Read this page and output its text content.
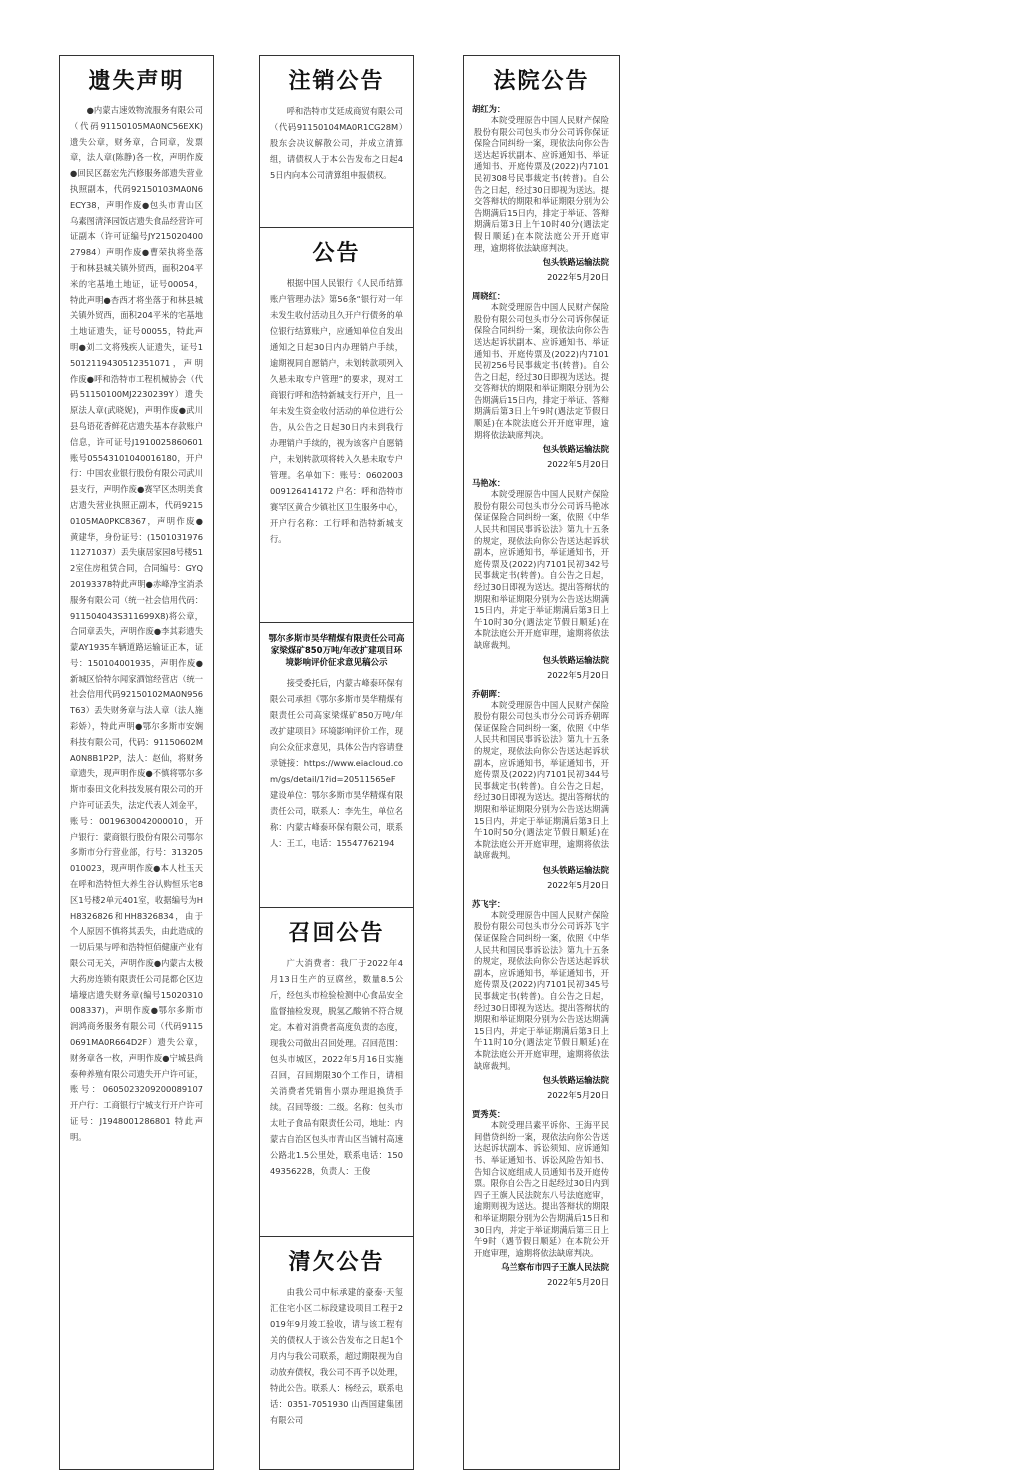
遗失声明
●内蒙古速效物流服务有限公司（代码91150105MA0NC56EXK)遗失公章，财务章，合同章，发票章，法人章(陈静)各一枚，声明作废●回民区磊宏先汽修服务部遗失营业执照副本，代码92150103MA0N6ECY38，声明作废●包头市青山区乌素图清泽园饭店遗失食品经营许可证副本（许可证编号JY21502040027984）声明作废●曹荣执将坐落于和林县城关镇外贸西，面积204平米的宅基地土地证，证号00054，特此声明●杏西才将坐落于和林县城关镇外贸西，面积204平米的宅基地土地证遗失，证号00055，特此声明●刘二文将残疾人证遗失，证号15012119430512351071，声明作废●呼和浩特市工程机械协会（代码51150100MJ2230239Y）遗失原法人章(武晓妮)，声明作废●武川县鸟语花香鲜花店遗失基本存款账户信息，许可证号J1910025860601 账号05543101040016180，开户行：中国农业银行股份有限公司武川县支行，声明作废●赛罕区杰明美食店遗失营业执照正副本，代码92150105MA0PKC8367，声明作废●黄建华，身份证号：(150103197611271037）丢失康居家园8号楼512室住房租赁合同，合同编号：GYQ20193378特此声明●赤峰净宝消杀服务有限公司（统一社会信用代码：911504043S311699X8)将公章，合同章丢失，声明作废●李其彩遗失蒙AY1935车辆道路运输证正本，证号：150104001935，声明作废●新城区恰特尔闻家酒馆经营店（统一社会信用代码92150102MA0N956T63）丢失财务章与法人章（法人施彩娇），特此声明●鄂尔多斯市安娴科技有限公司，代码：91150602MA0N8B1P2P，法人：赵仙，将财务章遗失，现声明作废●不慎将鄂尔多斯市泰田文化科技发展有限公司的开户许可证丢失，法定代表人刘金平，账号：0019630042000010，开户银行：蒙商银行股份有限公司鄂尔多斯市分行营业部，行号：313205010023，现声明作废●本人杜玉天在呼和浩特恒大养生谷认购恒乐宅8区1号楼2单元401室，收据编号为HH8326826和HH8326834，由于个人原因不慎将其丢失，由此造成的一切后果与呼和浩特恒佰健康产业有限公司无关，声明作废●内蒙古太极大药房连锁有限责任公司昆都仑区边墙壕店遗失财务章(编号15020310008337)，声明作废●鄂尔多斯市润鸿商务服务有限公司（代码91150691MA0R664D2F）遗失公章，财务章各一枚，声明作废●宁城县尚泰种养殖有限公司遗失开户许可证，账号：0605023209200089107 开户行：工商银行宁城支行开户许可证号：J1948001286801 特此声明。
注销公告
呼和浩特市艾廷成商贸有限公司（代码91150104MA0R1CG28M）股东会决议解散公司，并成立清算组，请债权人于本公告发布之日起45日内向本公司清算组申报债权。
公告
根据中国人民银行《人民币结算账户管理办法》第56条“银行对一年未发生收付活动且久开户行债务的单位银行结算账户，应通知单位自发出通知之日起30日内办理销户手续，逾期视同自愿销户，未划转款项列入久悬未取专户管理”的要求，现对工商银行呼和浩特新城支行开户，且一年未发生资金收付活动的单位进行公告，从公告之日起30日内未到我行办理销户手续的，视为该客户自愿销户，未划转款项将转入久悬未取专户管理。名单如下：账号：0602003009126414172 户名：呼和浩特市赛罕区黄合少镇社区卫生服务中心，开户行名称：工行呼和浩特新城支行。
鄂尔多斯市昊华精煤有限责任公司高家梁煤矿850万吨/年改扩建项目环境影响评价征求意见稿公示
接受委托后，内蒙古峰泰环保有限公司承担《鄂尔多斯市昊华精煤有限责任公司高家梁煤矿850万吨/年改扩建项目》环境影响评价工作，现向公众征求意见，具体公告内容请登录链接：https://www.eiacloud.com/gs/detail/1?id=20511565eF建设单位：鄂尔多斯市昊华精煤有限责任公司，联系人：李先生，单位名称：内蒙古峰泰环保有限公司，联系人：王工，电话：15547762194
召回公告
广大消费者：我厂于2022年4月13日生产的豆腐丝，数量8.5公斤，经包头市检验检测中心食品安全监督抽检发现，脱氢乙酸钠不符合规定。本着对消费者高度负责的态度，现我公司做出召回处理。召回范围：包头市城区，2022年5月16日实施召回，召回期限30个工作日，请相关消费者凭销售小票办理退换货手续。召回等级：二级。名称：包头市太吐子食品有限责任公司，地址：内蒙古自治区包头市青山区当铺村高速公路北1.5公里处，联系电话：15049356228，负责人：王俊
清欠公告
由我公司中标承建的豪泰·天玺汇住宅小区二标段建设项目工程于2019年9月竣工验收，请与该工程有关的债权人于该公告发布之日起1个月内与我公司联系，超过期限视为自动放弃债权，我公司不再予以处理，特此公告。联系人：杨经云，联系电话：0351-7051930 山西国建集团有限公司
法院公告
胡红为：
本院受理原告中国人民财产保险股份有限公司包头市分公司诉你保证保险合同纠纷一案，现依法向你公告送达起诉状副本、应诉通知书、举证通知书、开庭传票及(2022)内7101民初308号民事裁定书(转普)。自公告之日起，经过30日即视为送达。提交答辩状的期限和举证期限分别为公告期满后15日内，排定于举证、答辩期满后第3日上午10时40分(遇法定假日顺延)在本院法庭公开开庭审理，逾期将依法缺席判决。
包头铁路运输法院
2022年5月20日
周晓红：
本院受理原告中国人民财产保险股份有限公司包头市分公司诉你保证保险合同纠纷一案，现依法向你公告送达起诉状副本、应诉通知书、举证通知书、开庭传票及(2022)内7101民初256号民事裁定书(转普)。自公告之日起，经过30日即视为送达。提交答辩状的期限和举证期限分别为公告期满后15日内，排定于举证、答辩期满后第3日上午9时(遇法定节假日顺延)在本院法庭公开开庭审理，逾期将依法缺席判决。
包头铁路运输法院
2022年5月20日
马艳冰：
本院受理原告中国人民财产保险股份有限公司包头市分公司诉马艳冰保证保险合同纠纷一案，依照《中华人民共和国民事诉讼法》第九十五条的规定，现依法向你公告送达起诉状副本，应诉通知书，举证通知书，开庭传票及(2022)内7101民初342号民事裁定书(转普)。自公告之日起，经过30日即视为送达。提出答辩状的期限和举证期限分别为公告送达期满15日内，并定于举证期满后第3日上午10时30分(遇法定节假日顺延)在本院法庭公开开庭审理，逾期将依法缺席裁判。
包头铁路运输法院
2022年5月20日
乔朝晖：
本院受理原告中国人民财产保险股份有限公司包头市分公司诉乔朝晖保证保险合同纠纷一案，依照《中华人民共和国民事诉讼法》第九十五条的规定，现依法向你公告送达起诉状副本，应诉通知书，举证通知书，开庭传票及(2022)内7101民初344号民事裁定书(转普)。自公告之日起，经过30日即视为送达。提出答辩状的期限和举证期限分别为公告送达期满15日内，并定于举证期满后第3日上午10时50分(遇法定节假日顺延)在本院法庭公开开庭审理，逾期将依法缺席裁判。
包头铁路运输法院
2022年5月20日
苏飞宇：
本院受理原告中国人民财产保险股份有限公司包头市分公司诉苏飞宇保证保险合同纠纷一案，依照《中华人民共和国民事诉讼法》第九十五条的规定，现依法向你公告送达起诉状副本，应诉通知书，举证通知书，开庭传票及(2022)内7101民初345号民事裁定书(转普)。自公告之日起，经过30日即视为送达。提出答辩状的期限和举证期限分别为公告送达期满15日内，并定于举证期满后第3日上午11时10分(遇法定节假日顺延)在本院法庭公开开庭审理，逾期将依法缺席裁判。
包头铁路运输法院
2022年5月20日
贾秀英：
本院受理吕素平诉你、王海平民间借贷纠纷一案，现依法向你公告送达起诉状副本、诉讼须知、应诉通知书、举证通知书、诉讼风险告知书、告知合议庭组成人员通知书及开庭传票。限你自公告之日起经过30日内到四子王旗人民法院东八号法庭庭审，逾期则视为送达。提出答辩状的期限和举证期限分别为公告期满后15日和30日内，并定于举证期满后第三日上午9时（遇节假日顺延）在本院公开开庭审理，逾期将依法缺席判决。
乌兰察布市四子王旗人民法院
2022年5月20日
